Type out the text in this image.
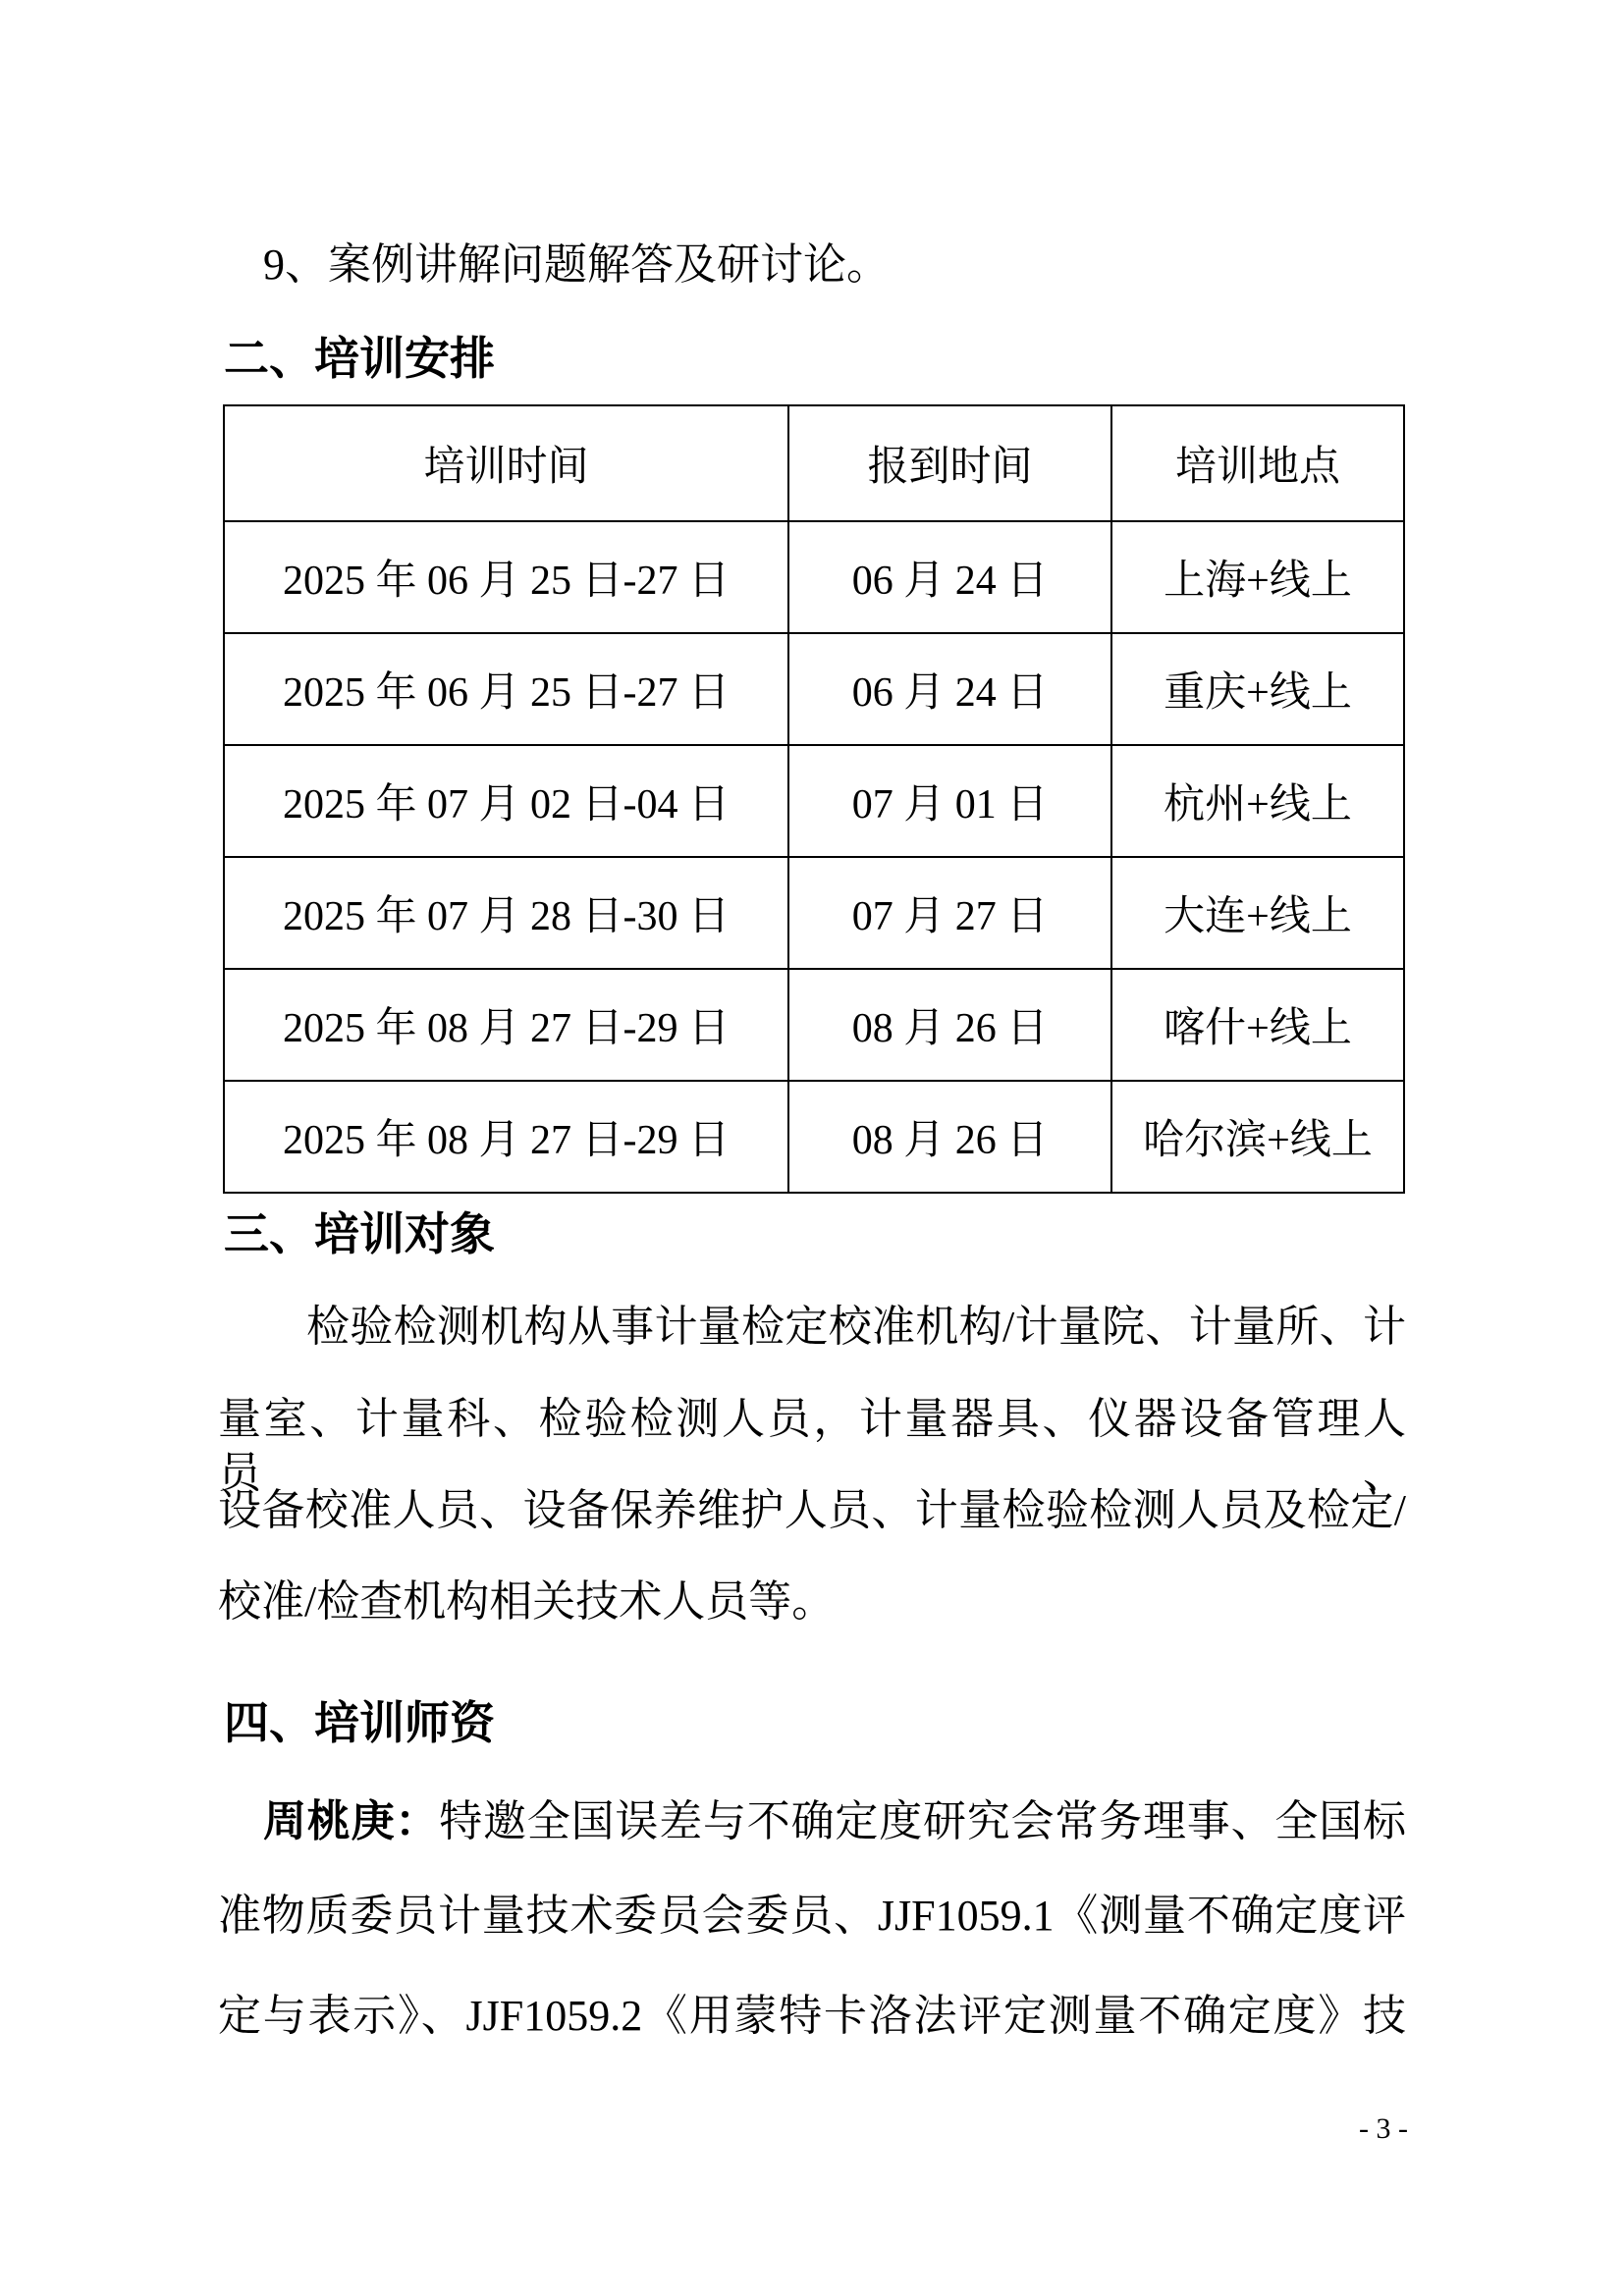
9、案例讲解问题解答及研讨论。
二、培训安排
培训时间	报到时间	培训地点
2025 年 06 月 25 日-27 日	06 月 24 日	上海+线上
2025 年 06 月 25 日-27 日	06 月 24 日	重庆+线上
2025 年 07 月 02 日-04 日	07 月 01 日	杭州+线上
2025 年 07 月 28 日-30 日	07 月 27 日	大连+线上
2025 年 08 月 27 日-29 日	08 月 26 日	喀什+线上
2025 年 08 月 27 日-29 日	08 月 26 日	哈尔滨+线上
三、培训对象
检验检测机构从事计量检定校准机构/计量院、计量所、计
量室、计量科、检验检测人员，计量器具、仪器设备管理人员、
设备校准人员、设备保养维护人员、计量检验检测人员及检定/
校准/检查机构相关技术人员等。
四、培训师资
周桃庚：特邀全国误差与不确定度研究会常务理事、全国标
准物质委员计量技术委员会委员、JJF1059.1《测量不确定度评
定与表示》、JJF1059.2《用蒙特卡洛法评定测量不确定度》技
- 3 -
